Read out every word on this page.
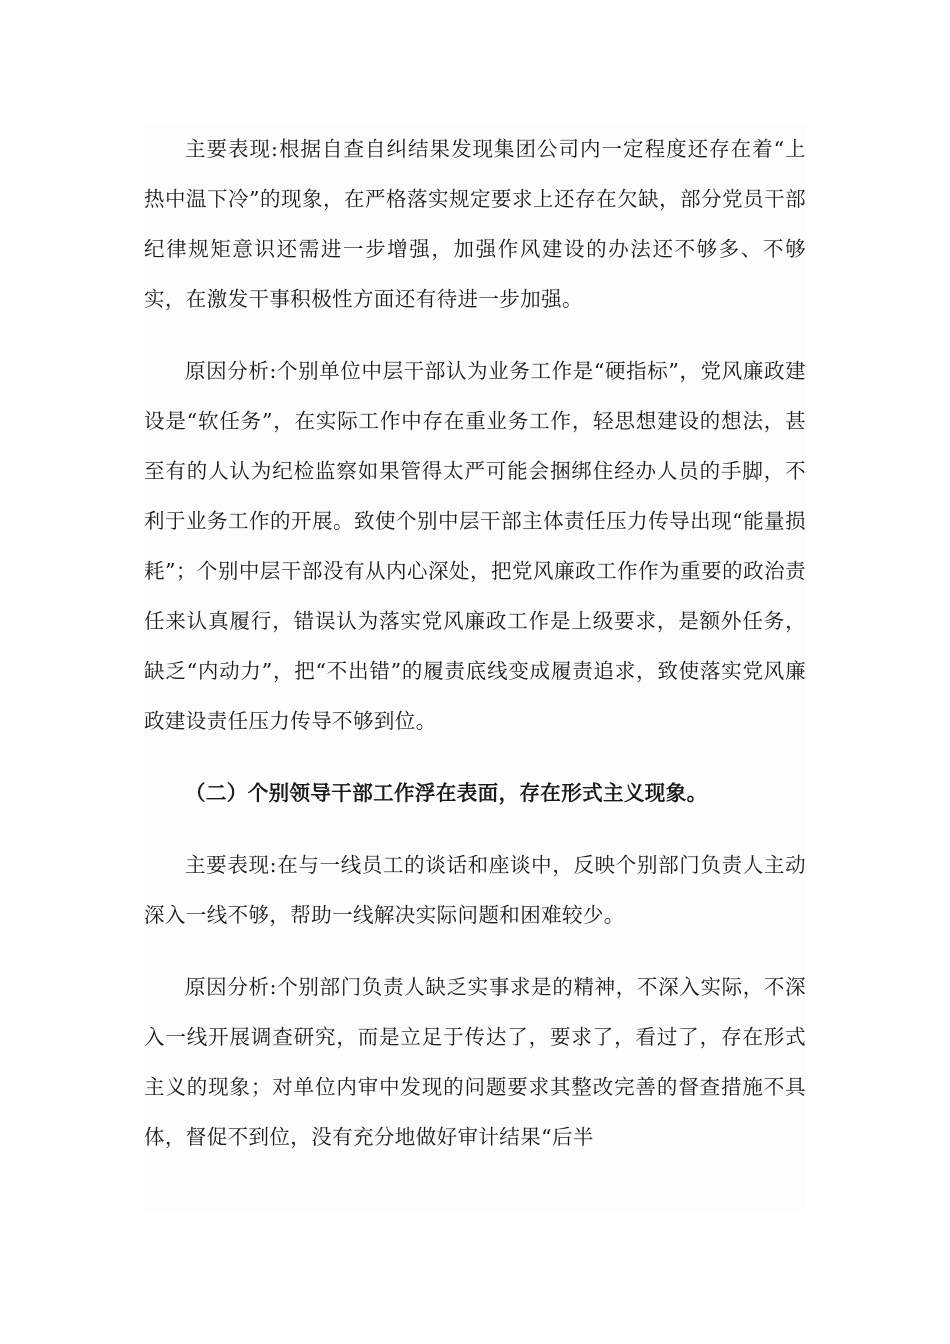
主要表现:根据自查自纠结果发现集团公司内一定程度还存在着“上热中温下冷”的现象，在严格落实规定要求上还存在欠缺，部分党员干部纪律规矩意识还需进一步增强，加强作风建设的办法还不够多、不够实，在激发干事积极性方面还有待进一步加强。

原因分析:个别单位中层干部认为业务工作是“硬指标”，党风廉政建设是“软任务”，在实际工作中存在重业务工作，轻思想建设的想法，甚至有的人认为纪检监察如果管得太严可能会捆绑住经办人员的手脚，不利于业务工作的开展。致使个别中层干部主体责任压力传导出现“能量损耗”；个别中层干部没有从内心深处，把党风廉政工作作为重要的政治责任来认真履行，错误认为落实党风廉政工作是上级要求，是额外任务，缺乏“内动力”，把“不出错”的履责底线变成履责追求，致使落实党风廉政建设责任压力传导不够到位。

（二）个别领导干部工作浮在表面，存在形式主义现象。

主要表现:在与一线员工的谈话和座谈中，反映个别部门负责人主动深入一线不够，帮助一线解决实际问题和困难较少。

原因分析:个别部门负责人缺乏实事求是的精神，不深入实际，不深入一线开展调查研究，而是立足于传达了，要求了，看过了，存在形式主义的现象；对单位内审中发现的问题要求其整改完善的督查措施不具体，督促不到位，没有充分地做好审计结果“后半
